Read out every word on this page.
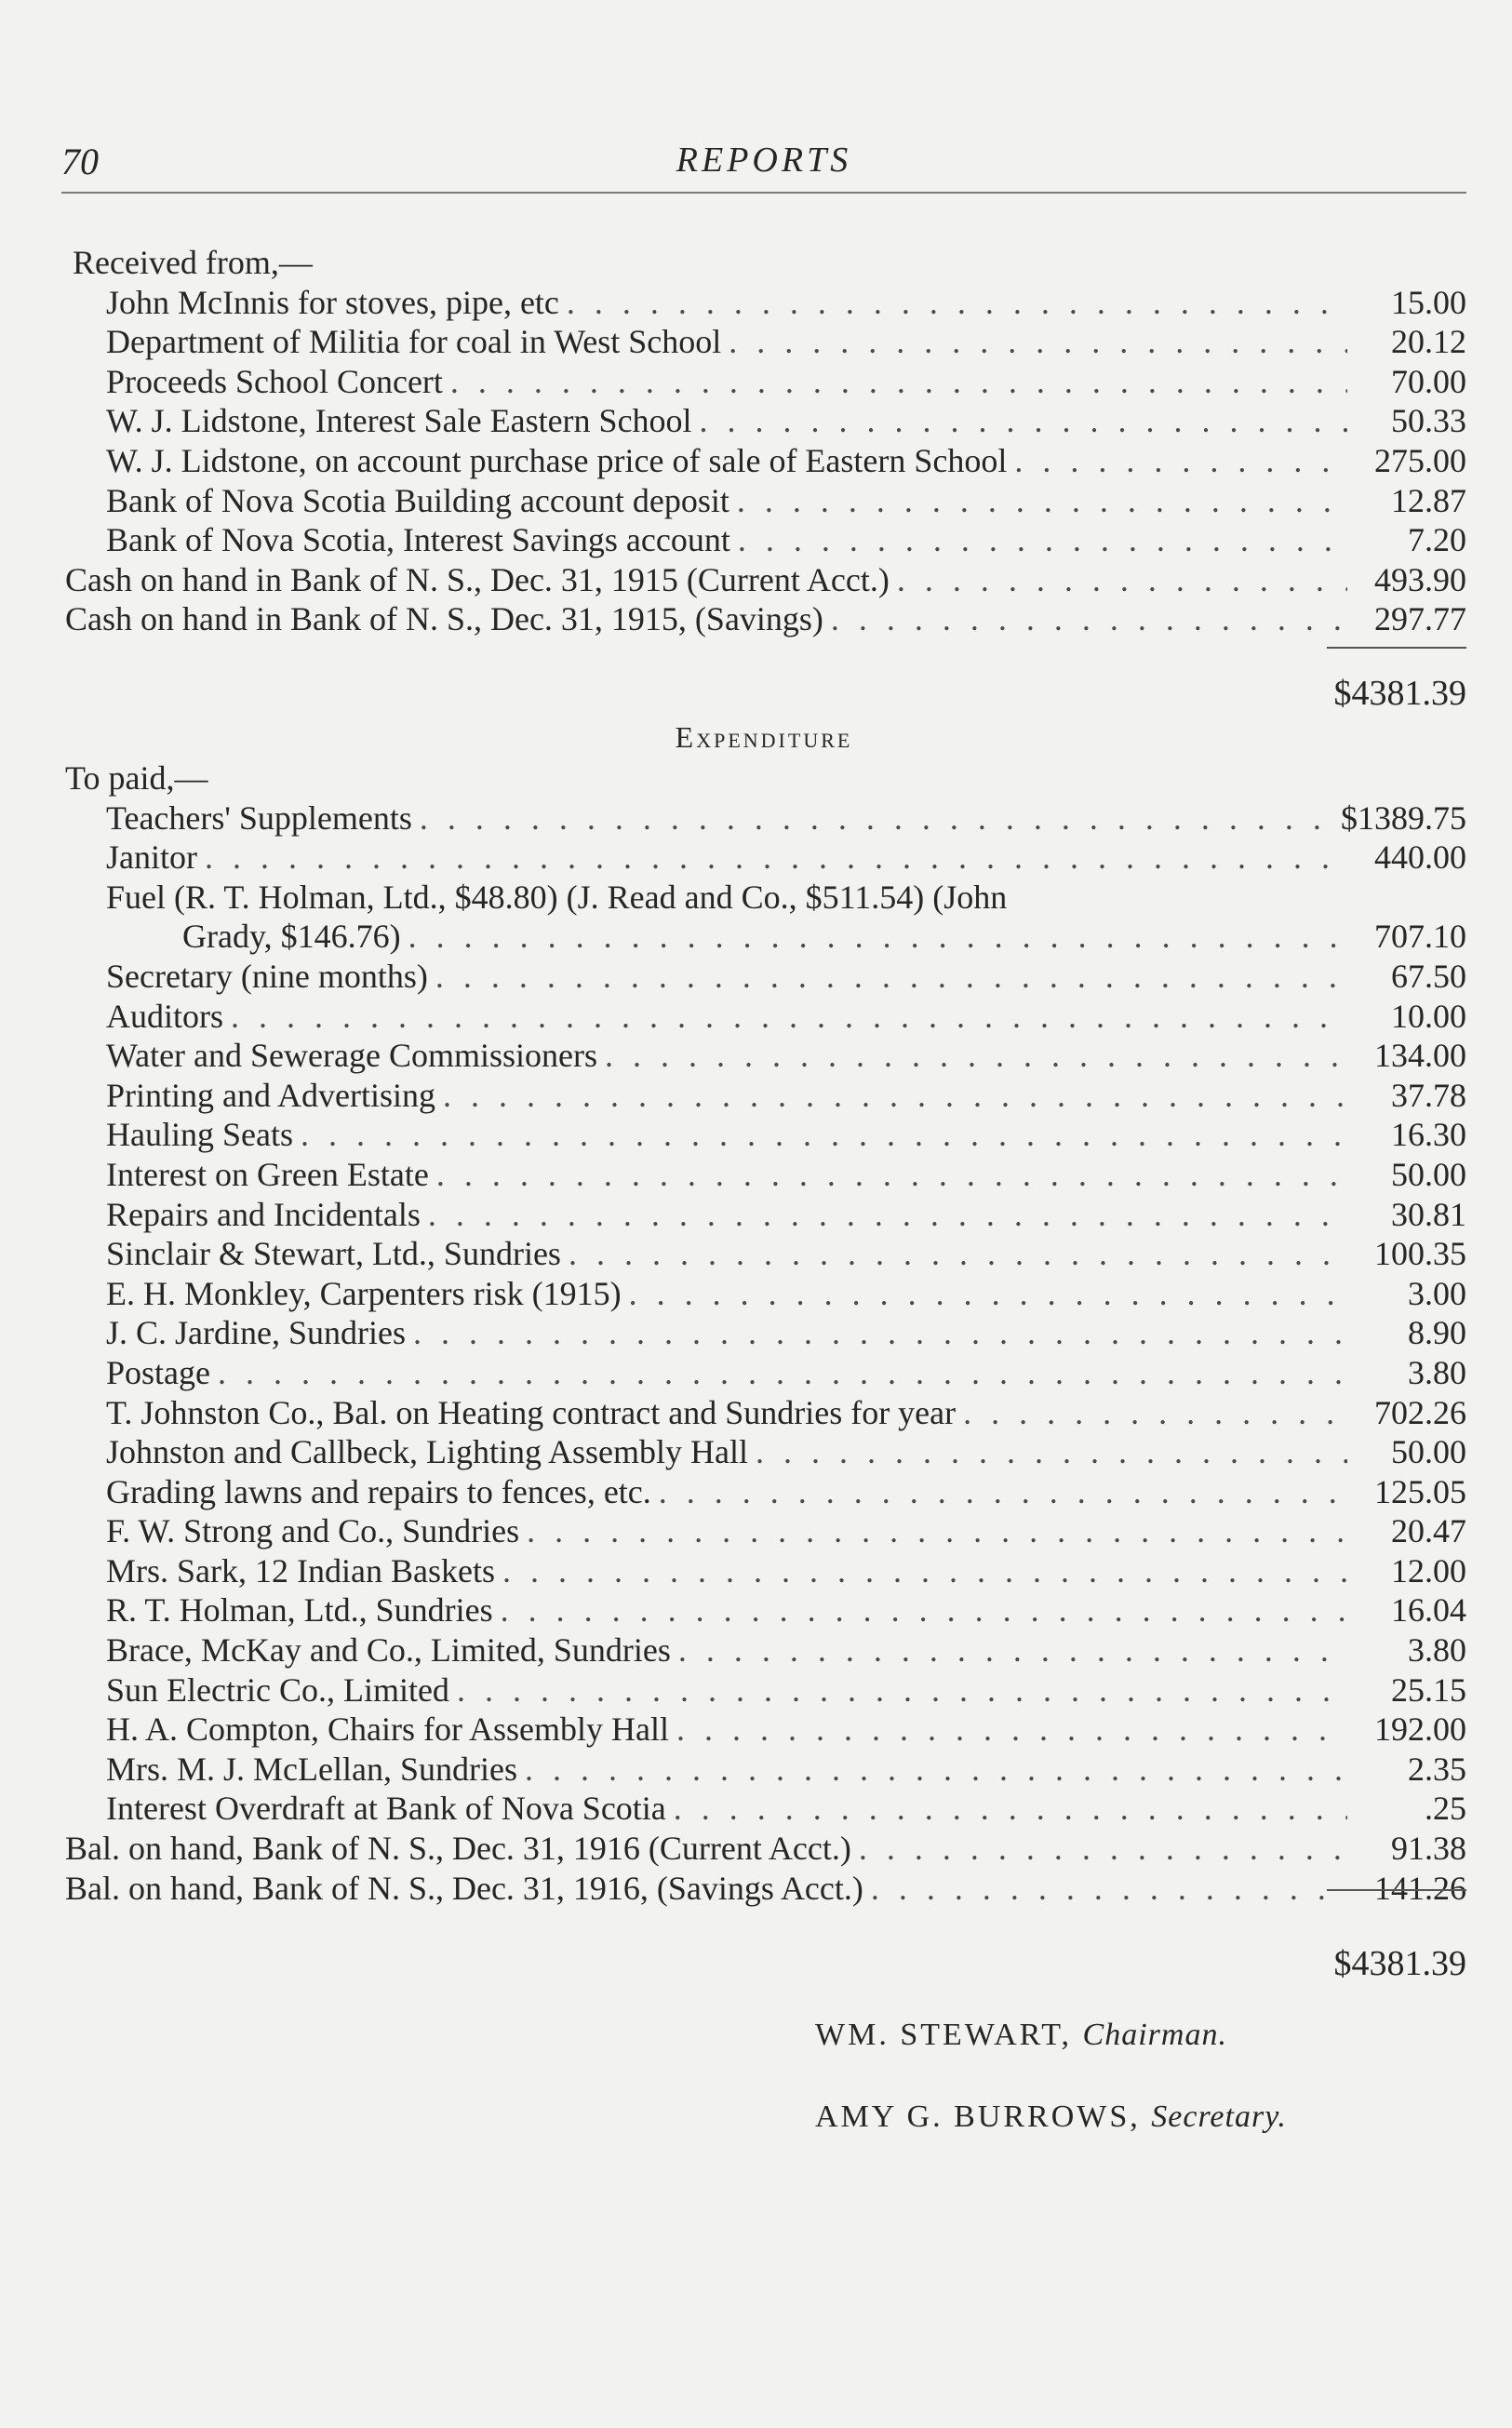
70	REPORTS
Received from,—
John McInnis for stoves, pipe, etc . . .	15.00
Department of Militia for coal in West School . . .	20.12
Proceeds School Concert . . .	70.00
W. J. Lidstone, Interest Sale Eastern School . . .	50.33
W. J. Lidstone, on account purchase price of sale of Eastern School . . .	275.00
Bank of Nova Scotia Building account deposit . . .	12.87
Bank of Nova Scotia, Interest Savings account . . .	7.20
Cash on hand in Bank of N. S., Dec. 31, 1915 (Current Acct.) . . .	493.90
Cash on hand in Bank of N. S., Dec. 31, 1915, (Savings) . . .	297.77
$4381.39
Expenditure
To paid,—
Teachers' Supplements . . .	$1389.75
Janitor . . .	440.00
Fuel (R. T. Holman, Ltd., $48.80) (J. Read and Co., $511.54) (John
Grady, $146.76) . . .	707.10
Secretary (nine months) . . .	67.50
Auditors . . .	10.00
Water and Sewerage Commissioners . . .	134.00
Printing and Advertising . . .	37.78
Hauling Seats . . .	16.30
Interest on Green Estate . . .	50.00
Repairs and Incidentals . . .	30.81
Sinclair & Stewart, Ltd., Sundries . . .	100.35
E. H. Monkley, Carpenters risk (1915) . . .	3.00
J. C. Jardine, Sundries . . .	8.90
Postage . . .	3.80
T. Johnston Co., Bal. on Heating contract and Sundries for year . . .	702.26
Johnston and Callbeck, Lighting Assembly Hall . . .	50.00
Grading lawns and repairs to fences, etc. . . .	125.05
F. W. Strong and Co., Sundries . . .	20.47
Mrs. Sark, 12 Indian Baskets . . .	12.00
R. T. Holman, Ltd., Sundries . . .	16.04
Brace, McKay and Co., Limited, Sundries . . .	3.80
Sun Electric Co., Limited . . .	25.15
H. A. Compton, Chairs for Assembly Hall . . .	192.00
Mrs. M. J. McLellan, Sundries . . .	2.35
Interest Overdraft at Bank of Nova Scotia . . .	.25
Bal. on hand, Bank of N. S., Dec. 31, 1916 (Current Acct.) . . .	91.38
Bal. on hand, Bank of N. S., Dec. 31, 1916, (Savings Acct.) . . .	141.26
$4381.39
WM. STEWART, Chairman.
AMY G. BURROWS, Secretary.
